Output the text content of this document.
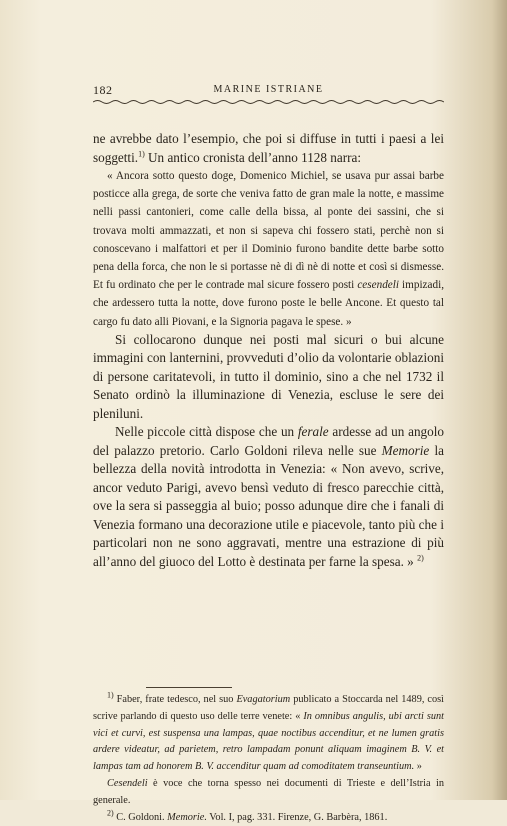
182	MARINE ISTRIANE

ne avrebbe dato l’esempio, che poi si diffuse in tutti i paesi a lei soggetti.$^{1)}$ Un antico cronista dell’anno 1128 narra:

« Ancora sotto questo doge, Domenico Michiel, se usava pur assai barbe posticce alla grega, de sorte che veniva fatto de gran male la notte, e massime nelli passi cantonieri, come calle della bissa, al ponte dei sassini, che si trovava molti ammazzati, et non si sapeva chi fossero stati, perchè non si conoscevano i malfattori et per il Dominio furono bandite dette barbe sotto pena della forca, che non le si portasse nè di dì nè di notte et così si dismesse. Et fu ordinato che per le contrade mal sicure fossero posti cesendeli impizadi, che ardessero tutta la notte, dove furono poste le belle Ancone. Et questo tal cargo fu dato alli Piovani, e la Signoria pagava le spese. »

Si collocarono dunque nei posti mal sicuri o bui alcune immagini con lanternini, provveduti d’olio da volontarie oblazioni di persone caritatevoli, in tutto il dominio, sino a che nel 1732 il Senato ordinò la illuminazione di Venezia, escluse le sere dei pleniluni.

Nelle piccole città dispose che un ferale ardesse ad un angolo del palazzo pretorio. Carlo Goldoni rileva nelle sue Memorie la bellezza della novità introdotta in Venezia: « Non avevo, scrive, ancor veduto Parigi, avevo bensì veduto di fresco parecchie città, ove la sera si passeggia al buio; posso adunque dire che i fanali di Venezia formano una decorazione utile e piacevole, tanto più che i particolari non ne sono aggravati, mentre una estrazione di più all’anno del giuoco del Lotto è destinata per farne la spesa. » $^{2)}$

$^{1)}$ Faber, frate tedesco, nel suo Evagatorium publicato a Stoccarda nel 1489, così scrive parlando di questo uso delle terre venete: « In omnibus angulis, ubi arcti sunt vici et curvi, est suspensa una lampas, quae noctibus accenditur, et ne lumen gratis ardere videatur, ad parietem, retro lampadam ponunt aliquam imaginem B. V. et lampas tam ad honorem B. V. accenditur quam ad comoditatem transeuntium. »

Cesendeli è voce che torna spesso nei documenti di Trieste e dell’Istria in generale.

$^{2)}$ C. Goldoni. Memorie. Vol. I, pag. 331. Firenze, G. Barbèra, 1861.
